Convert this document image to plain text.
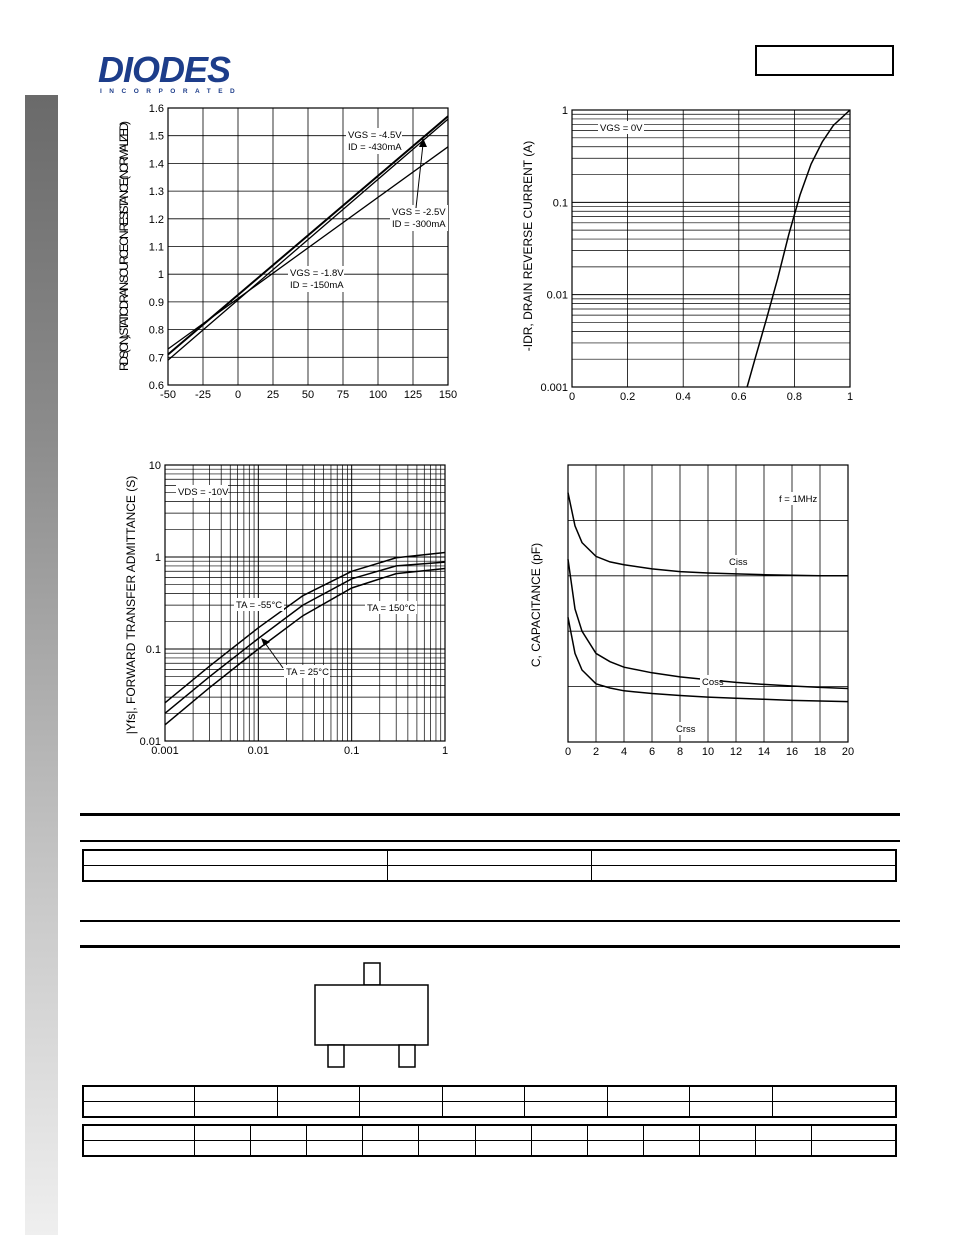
DIODES
INCORPORATED
-50 -25 0 25 50 75 100 125 150
0.6
0.7
0.8
0.9
1
1.1
1.2
1.3
1.4
1.5
1.6
RDS(ON), STATIC DRAIN-SOURCE ON-RESISTANCE (NORMALIZED)
VGS = -4.5V
ID = -430mA
VGS = -2.5V
ID = -300mA
VGS = -1.8V
ID = -150mA
0	0.2	0.4	0.6	0.8	1
0.001
0.01
0.1
1
-IDR, DRAIN REVERSE CURRENT (A)
VGS = 0V
0.001	0.01	0.1	1
0.01
0.1
1
10
|Yfs|, FORWARD TRANSFER ADMITTANCE (S)	VDS = -10V
TA = -55°C
TA = 25°C
TA = 150°C
0 2 4 6 8 10 12 14 16 18 20
C, CAPACITANCE (pF)
f = 1MHz
Ciss
Coss
Crss
